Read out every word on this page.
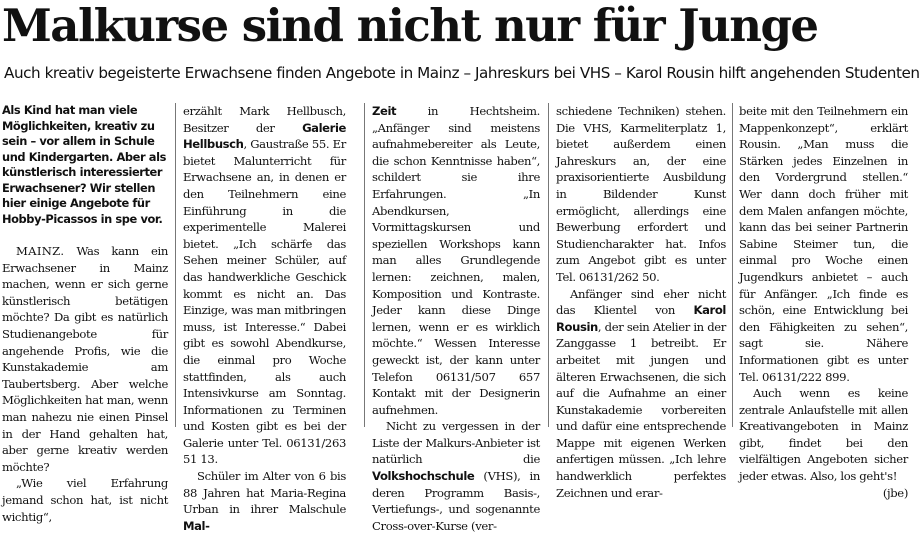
Malkurse sind nicht nur für Junge
Auch kreativ begeisterte Erwachsene finden Angebote in Mainz – Jahreskurs bei VHS – Karol Rousin hilft angehenden Studenten

Als Kind hat man viele Möglichkeiten, kreativ zu sein – vor allem in Schule und Kindergarten. Aber als künstlerisch interessierter Erwachsener? Wir stellen hier einige Angebote für Hobby-Picassos in spe vor.

MAINZ. Was kann ein Erwachsener in Mainz machen, wenn er sich gerne künstlerisch betätigen möchte? Da gibt es natürlich Studienangebote für angehende Profis, wie die Kunstakademie am Taubertsberg. Aber welche Möglichkeiten hat man, wenn man nahezu nie einen Pinsel in der Hand gehalten hat, aber gerne kreativ werden möchte?

„Wie viel Erfahrung jemand schon hat, ist nicht wichtig“,

erzählt Mark Hellbusch, Besitzer der Galerie Hellbusch, Gaustraße 55. Er bietet Malunterricht für Erwachsene an, in denen er den Teilnehmern eine Einführung in die experimentelle Malerei bietet. „Ich schärfe das Sehen meiner Schüler, auf das handwerkliche Geschick kommt es nicht an. Das Einzige, was man mitbringen muss, ist Interesse.“ Dabei gibt es sowohl Abendkurse, die einmal pro Woche stattfinden, als auch Intensivkurse am Sonntag. Informationen zu Terminen und Kosten gibt es bei der Galerie unter Tel. 06131/263 51 13.

Schüler im Alter von 6 bis 88 Jahren hat Maria-Regina Urban in ihrer Malschule Mal-

Zeit in Hechtsheim. „Anfänger sind meistens aufnahmebereiter als Leute, die schon Kenntnisse haben“, schildert sie ihre Erfahrungen. „In Abendkursen, Vormittagskursen und speziellen Workshops kann man alles Grundlegende lernen: zeichnen, malen, Komposition und Kontraste. Jeder kann diese Dinge lernen, wenn er es wirklich möchte.“ Wessen Interesse geweckt ist, der kann unter Telefon 06131/507 657 Kontakt mit der Designerin aufnehmen.

Nicht zu vergessen in der Liste der Malkurs-Anbieter ist natürlich die Volkshochschule (VHS), in deren Programm Basis-, Vertiefungs-, und sogenannte Cross-over-Kurse (ver-

schiedene Techniken) stehen. Die VHS, Karmeliterplatz 1, bietet außerdem einen Jahreskurs an, der eine praxisorientierte Ausbildung in Bildender Kunst ermöglicht, allerdings eine Bewerbung erfordert und Studiencharakter hat. Infos zum Angebot gibt es unter Tel. 06131/262 50.

Anfänger sind eher nicht das Klientel von Karol Rousin, der sein Atelier in der Zanggasse 1 betreibt. Er arbeitet mit jungen und älteren Erwachsenen, die sich auf die Aufnahme an einer Kunstakademie vorbereiten und dafür eine entsprechende Mappe mit eigenen Werken anfertigen müssen. „Ich lehre handwerklich perfektes Zeichnen und erar-

beite mit den Teilnehmern ein Mappenkonzept“, erklärt Rousin. „Man muss die Stärken jedes Einzelnen in den Vordergrund stellen.“ Wer dann doch früher mit dem Malen anfangen möchte, kann das bei seiner Partnerin Sabine Steimer tun, die einmal pro Woche einen Jugendkurs anbietet – auch für Anfänger. „Ich finde es schön, eine Entwicklung bei den Fähigkeiten zu sehen“, sagt sie. Nähere Informationen gibt es unter Tel. 06131/222 899.

Auch wenn es keine zentrale Anlaufstelle mit allen Kreativangeboten in Mainz gibt, findet bei den vielfältigen Angeboten sicher jeder etwas. Also, los geht's!
(jbe)
